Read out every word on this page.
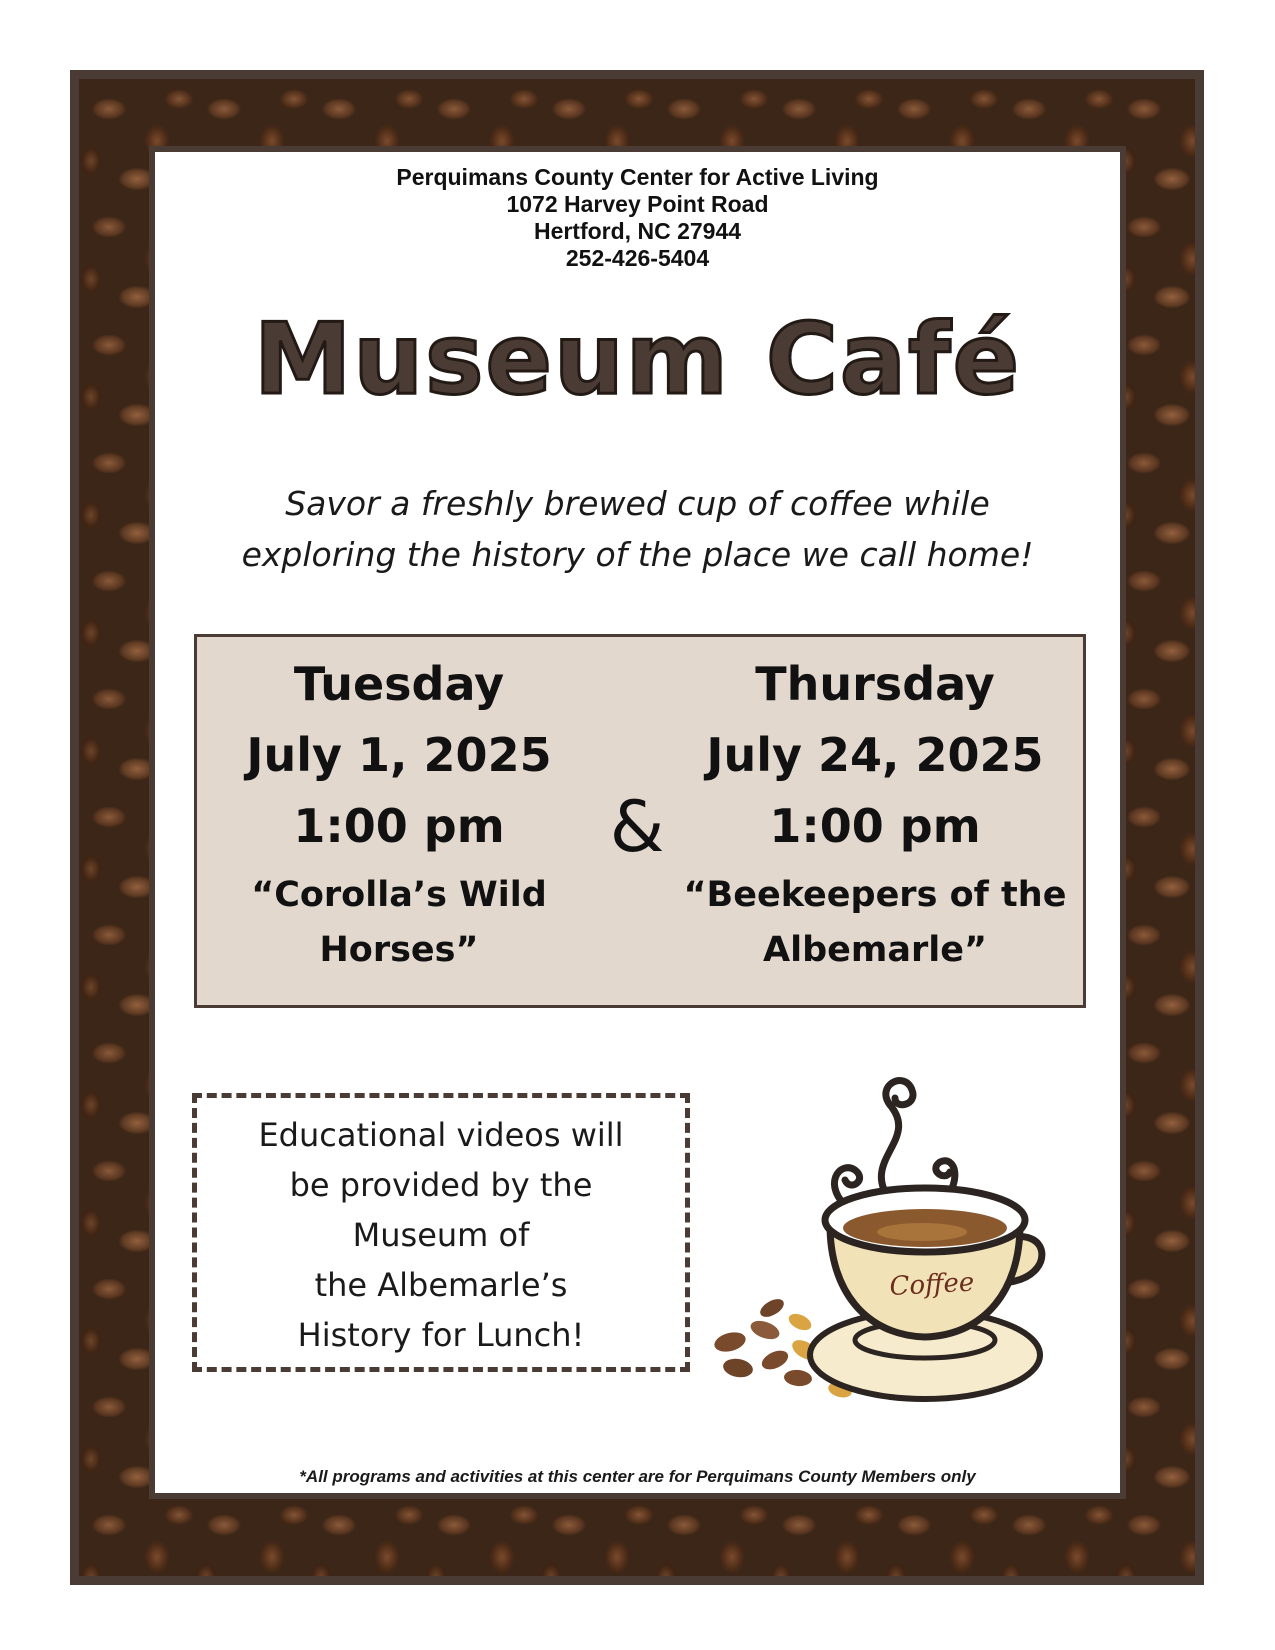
Perquimans County Center for Active Living
1072 Harvey Point Road
Hertford, NC 27944
252-426-5404
Museum Café
Savor a freshly brewed cup of coffee while
exploring the history of the place we call home!
Tuesday
July 1, 2025
1:00 pm
“Corolla’s Wild
Horses”
&
Thursday
July 24, 2025
1:00 pm
“Beekeepers of the
Albemarle”
Educational videos will
be provided by the
Museum of
the Albemarle’s
History for Lunch!
Coffee
*All programs and activities at this center are for Perquimans County Members only
